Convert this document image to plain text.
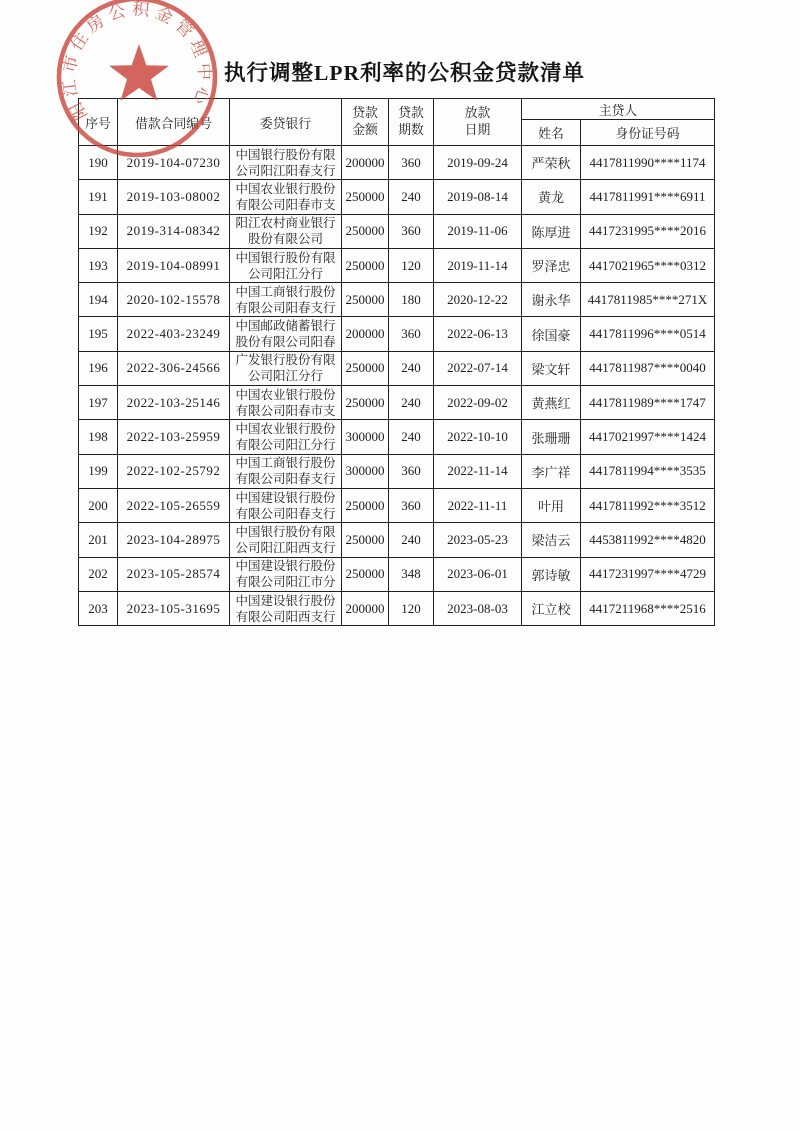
执行调整LPR利率的公积金贷款清单
序号	借款合同编号	委贷银行	贷款金额	贷款期数	放款日期	主贷人	
						姓名	身份证号码
190	2019-104-07230	中国银行股份有限公司阳江阳春支行	200000	360	2019-09-24	严荣秋	4417811990****1174
191	2019-103-08002	中国农业银行股份有限公司阳春市支	250000	240	2019-08-14	黄龙	4417811991****6911
192	2019-314-08342	阳江农村商业银行股份有限公司	250000	360	2019-11-06	陈厚进	4417231995****2016
193	2019-104-08991	中国银行股份有限公司阳江分行	250000	120	2019-11-14	罗泽忠	4417021965****0312
194	2020-102-15578	中国工商银行股份有限公司阳春支行	250000	180	2020-12-22	谢永华	4417811985****271X
195	2022-403-23249	中国邮政储蓄银行股份有限公司阳春	200000	360	2022-06-13	徐国豪	4417811996****0514
196	2022-306-24566	广发银行股份有限公司阳江分行	250000	240	2022-07-14	梁文轩	4417811987****0040
197	2022-103-25146	中国农业银行股份有限公司阳春市支	250000	240	2022-09-02	黄燕红	4417811989****1747
198	2022-103-25959	中国农业银行股份有限公司阳江分行	300000	240	2022-10-10	张珊珊	4417021997****1424
199	2022-102-25792	中国工商银行股份有限公司阳春支行	300000	360	2022-11-14	李广祥	4417811994****3535
200	2022-105-26559	中国建设银行股份有限公司阳春支行	250000	360	2022-11-11	叶用	4417811992****3512
201	2023-104-28975	中国银行股份有限公司阳江阳西支行	250000	240	2023-05-23	梁洁云	4453811992****4820
202	2023-105-28574	中国建设银行股份有限公司阳江市分	250000	348	2023-06-01	郭诗敏	4417231997****4729
203	2023-105-31695	中国建设银行股份有限公司阳西支行	200000	120	2023-08-03	江立校	4417211968****2516
阳江市住房公积金管理中心
